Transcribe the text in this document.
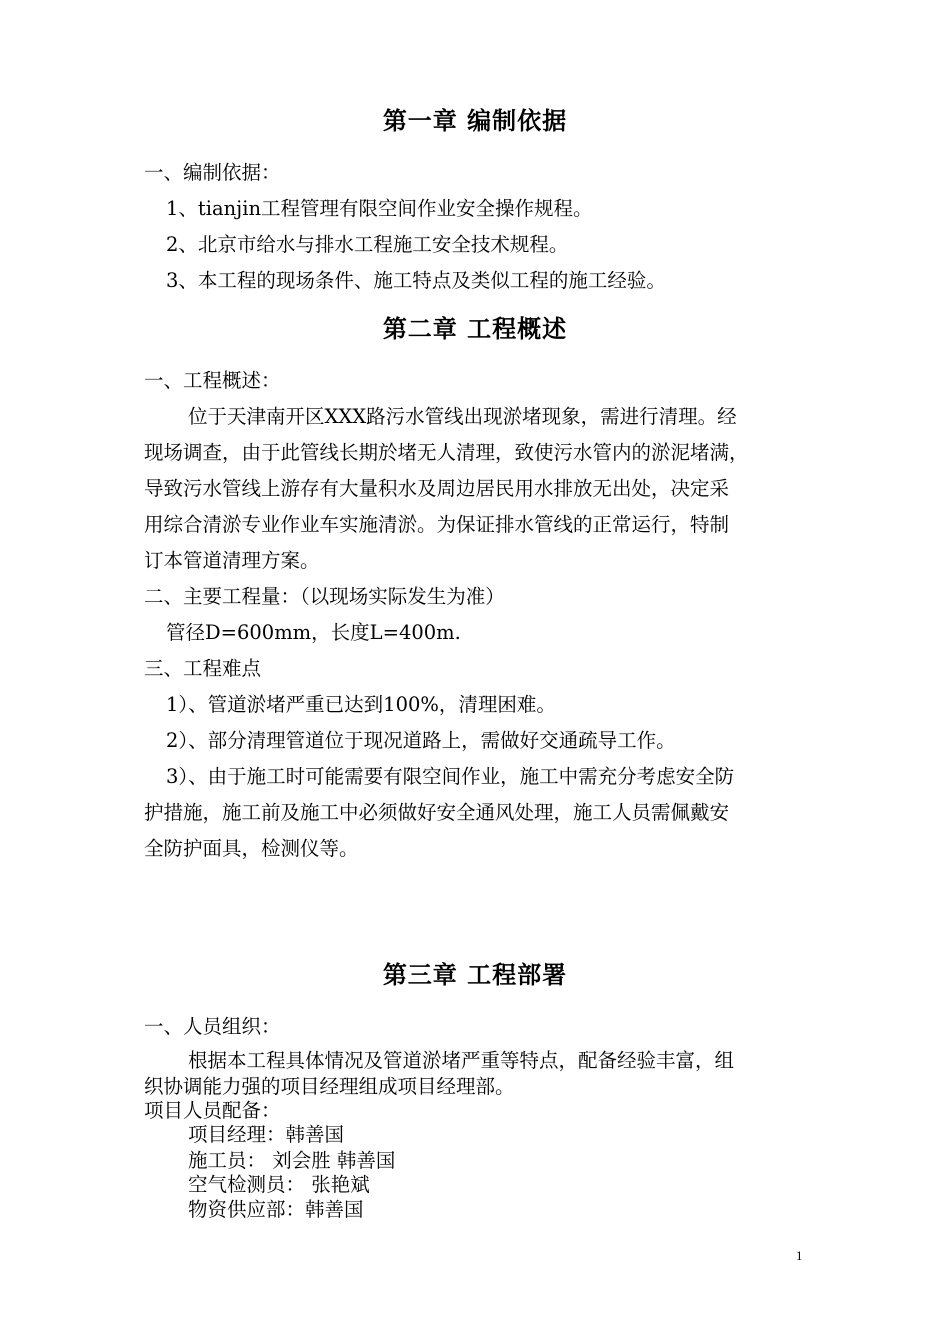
第一章 编制依据
一、编制依据：
1、tianjin工程管理有限空间作业安全操作规程。
2、北京市给水与排水工程施工安全技术规程。
3、本工程的现场条件、施工特点及类似工程的施工经验。
第二章 工程概述
一、工程概述：
位于天津南开区XXX路污水管线出现淤堵现象，需进行清理。经
现场调查，由于此管线长期於堵无人清理，致使污水管内的淤泥堵满，
导致污水管线上游存有大量积水及周边居民用水排放无出处，决定采
用综合清淤专业作业车实施清淤。为保证排水管线的正常运行，特制
订本管道清理方案。
二、主要工程量：（以现场实际发生为准）
管径D=600mm，长度L=400m.
三、工程难点
1）、管道淤堵严重已达到100%，清理困难。
2）、部分清理管道位于现况道路上，需做好交通疏导工作。
3）、由于施工时可能需要有限空间作业，施工中需充分考虑安全防
护措施，施工前及施工中必须做好安全通风处理，施工人员需佩戴安
全防护面具，检测仪等。
第三章 工程部署
一、人员组织：
根据本工程具体情况及管道淤堵严重等特点，配备经验丰富，组
织协调能力强的项目经理组成项目经理部。
项目人员配备：
项目经理：韩善国
施工员： 刘会胜 韩善国
空气检测员： 张艳斌
物资供应部：韩善国
1
